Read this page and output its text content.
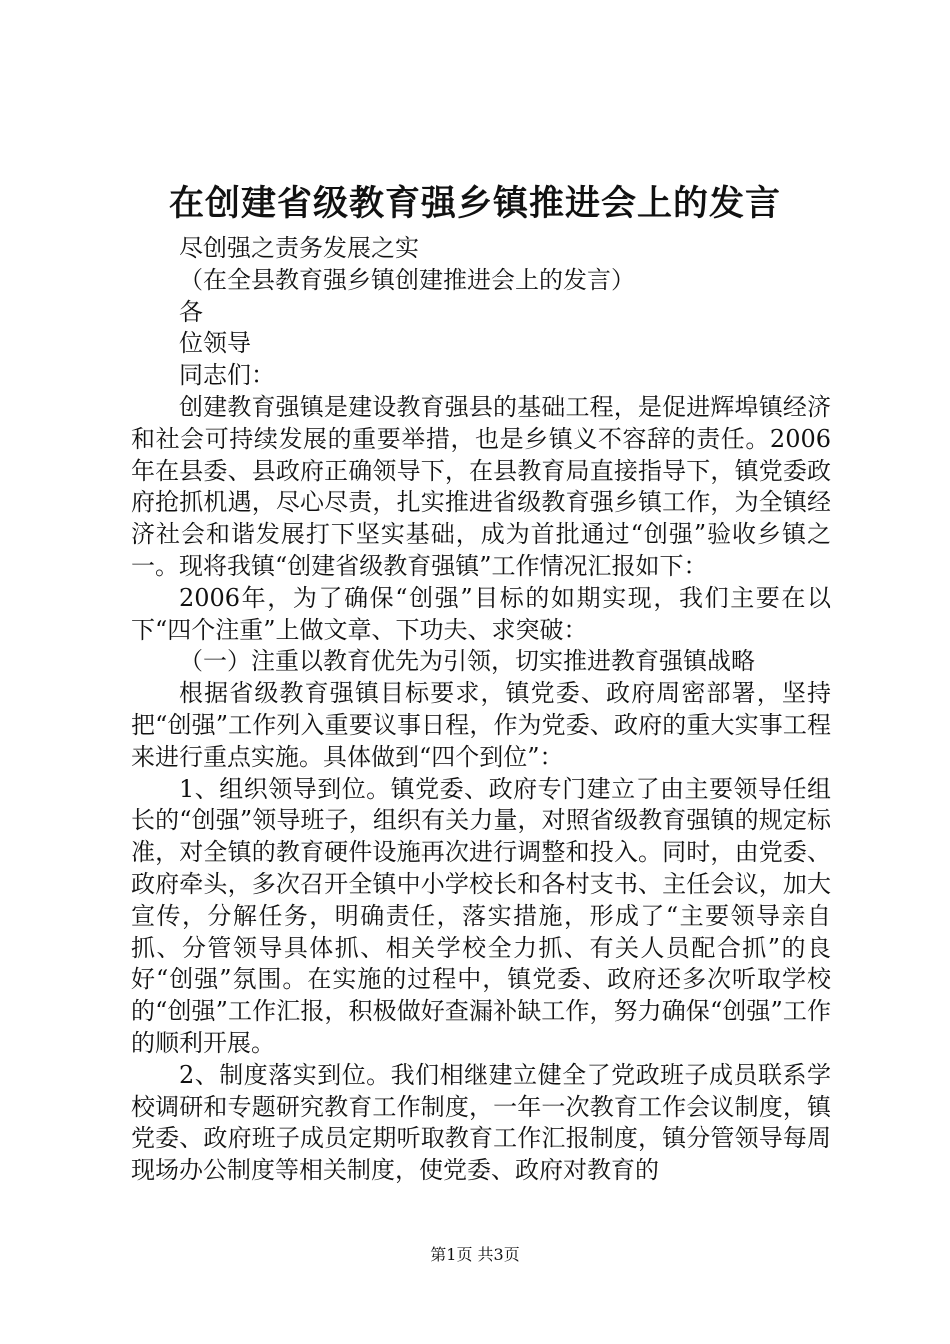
在创建省级教育强乡镇推进会上的发言

尽创强之责务发展之实

（在全县教育强乡镇创建推进会上的发言）

各

位领导

同志们：

创建教育强镇是建设教育强县的基础工程，是促进辉埠镇经济和社会可持续发展的重要举措，也是乡镇义不容辞的责任。2006年在县委、县政府正确领导下，在县教育局直接指导下，镇党委政府抢抓机遇，尽心尽责，扎实推进省级教育强乡镇工作，为全镇经济社会和谐发展打下坚实基础，成为首批通过“创强”验收乡镇之一。现将我镇“创建省级教育强镇”工作情况汇报如下：

2006年，为了确保“创强”目标的如期实现，我们主要在以下“四个注重”上做文章、下功夫、求突破：

（一）注重以教育优先为引领，切实推进教育强镇战略

根据省级教育强镇目标要求，镇党委、政府周密部署，坚持把“创强”工作列入重要议事日程，作为党委、政府的重大实事工程来进行重点实施。具体做到“四个到位”：

1、组织领导到位。镇党委、政府专门建立了由主要领导任组长的“创强”领导班子，组织有关力量，对照省级教育强镇的规定标准，对全镇的教育硬件设施再次进行调整和投入。同时，由党委、政府牵头，多次召开全镇中小学校长和各村支书、主任会议，加大宣传，分解任务，明确责任，落实措施，形成了“主要领导亲自抓、分管领导具体抓、相关学校全力抓、有关人员配合抓”的良好“创强”氛围。在实施的过程中，镇党委、政府还多次听取学校的“创强”工作汇报，积极做好查漏补缺工作，努力确保“创强”工作的顺利开展。

2、制度落实到位。我们相继建立健全了党政班子成员联系学校调研和专题研究教育工作制度，一年一次教育工作会议制度，镇党委、政府班子成员定期听取教育工作汇报制度，镇分管领导每周现场办公制度等相关制度，使党委、政府对教育的

第1页 共3页
